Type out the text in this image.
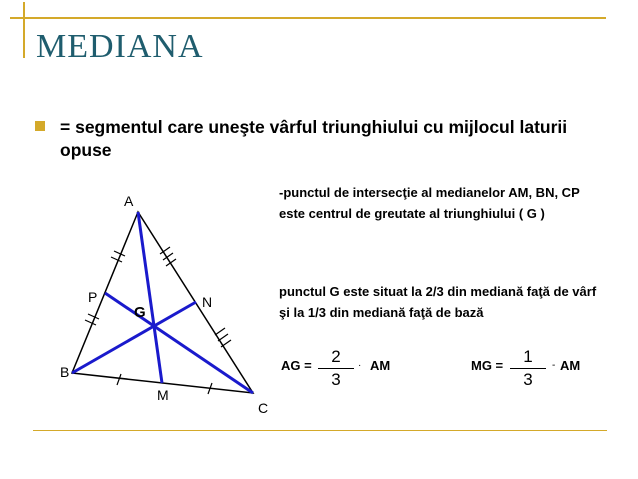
MEDIANA
= segmentul care uneşte vârful triunghiului cu mijlocul laturii opuse
A
B
C
M
N
P
G
-punctul de intersecţie al medianelor AM, BN, CP este centrul de greutate al triunghiului ( G )
punctul G este situat la 2/3 din mediană faţă de vârf şi la 1/3 din mediană faţă de bază
AG =	2
3
· AM	MG =	1
3
- AM
